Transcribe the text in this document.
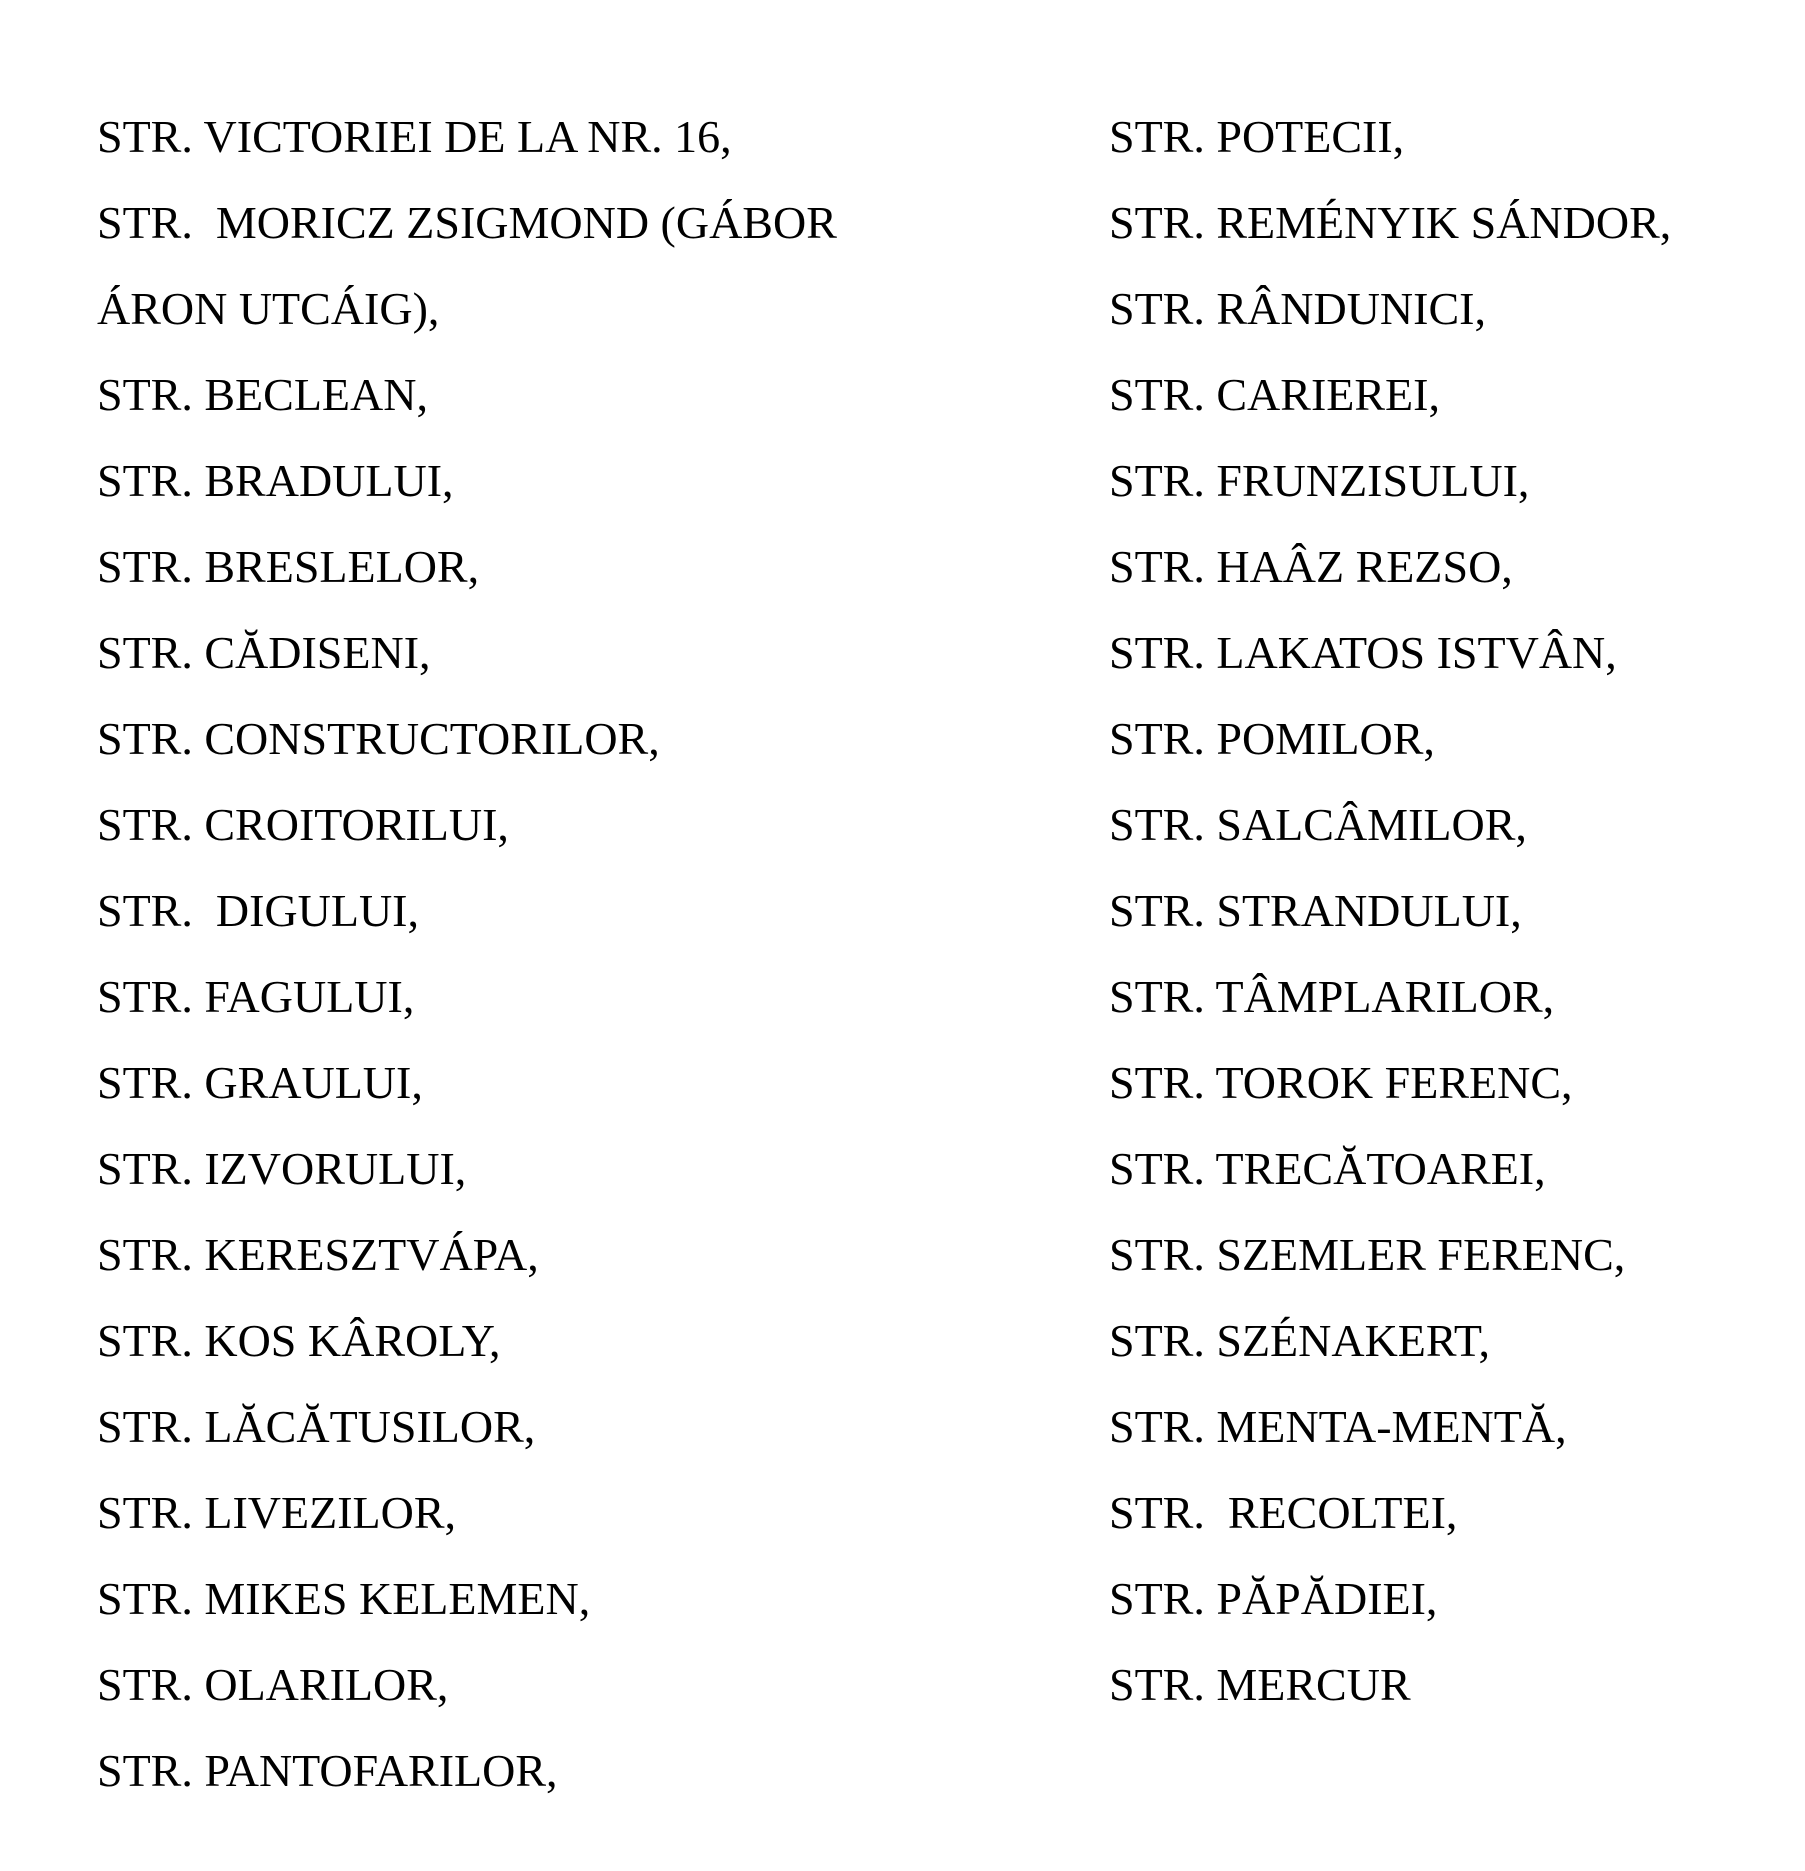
STR. VICTORIEI DE LA NR. 16,
STR.  MORICZ ZSIGMOND (GÁBOR
ÁRON UTCÁIG),
STR. BECLEAN,
STR. BRADULUI,
STR. BRESLELOR,
STR. CĂDISENI,
STR. CONSTRUCTORILOR,
STR. CROITORILUI,
STR.  DIGULUI,
STR. FAGULUI,
STR. GRAULUI,
STR. IZVORULUI,
STR. KERESZTVÁPA,
STR. KOS KÂROLY,
STR. LĂCĂTUSILOR,
STR. LIVEZILOR,
STR. MIKES KELEMEN,
STR. OLARILOR,
STR. PANTOFARILOR,
STR. POTECII,
STR. REMÉNYIK SÁNDOR,
STR. RÂNDUNICI,
STR. CARIEREI,
STR. FRUNZISULUI,
STR. HAÂZ REZSO,
STR. LAKATOS ISTVÂN,
STR. POMILOR,
STR. SALCÂMILOR,
STR. STRANDULUI,
STR. TÂMPLARILOR,
STR. TOROK FERENC,
STR. TRECĂTOAREI,
STR. SZEMLER FERENC,
STR. SZÉNAKERT,
STR. MENTA-MENTĂ,
STR.  RECOLTEI,
STR. PĂPĂDIEI,
STR. MERCUR
